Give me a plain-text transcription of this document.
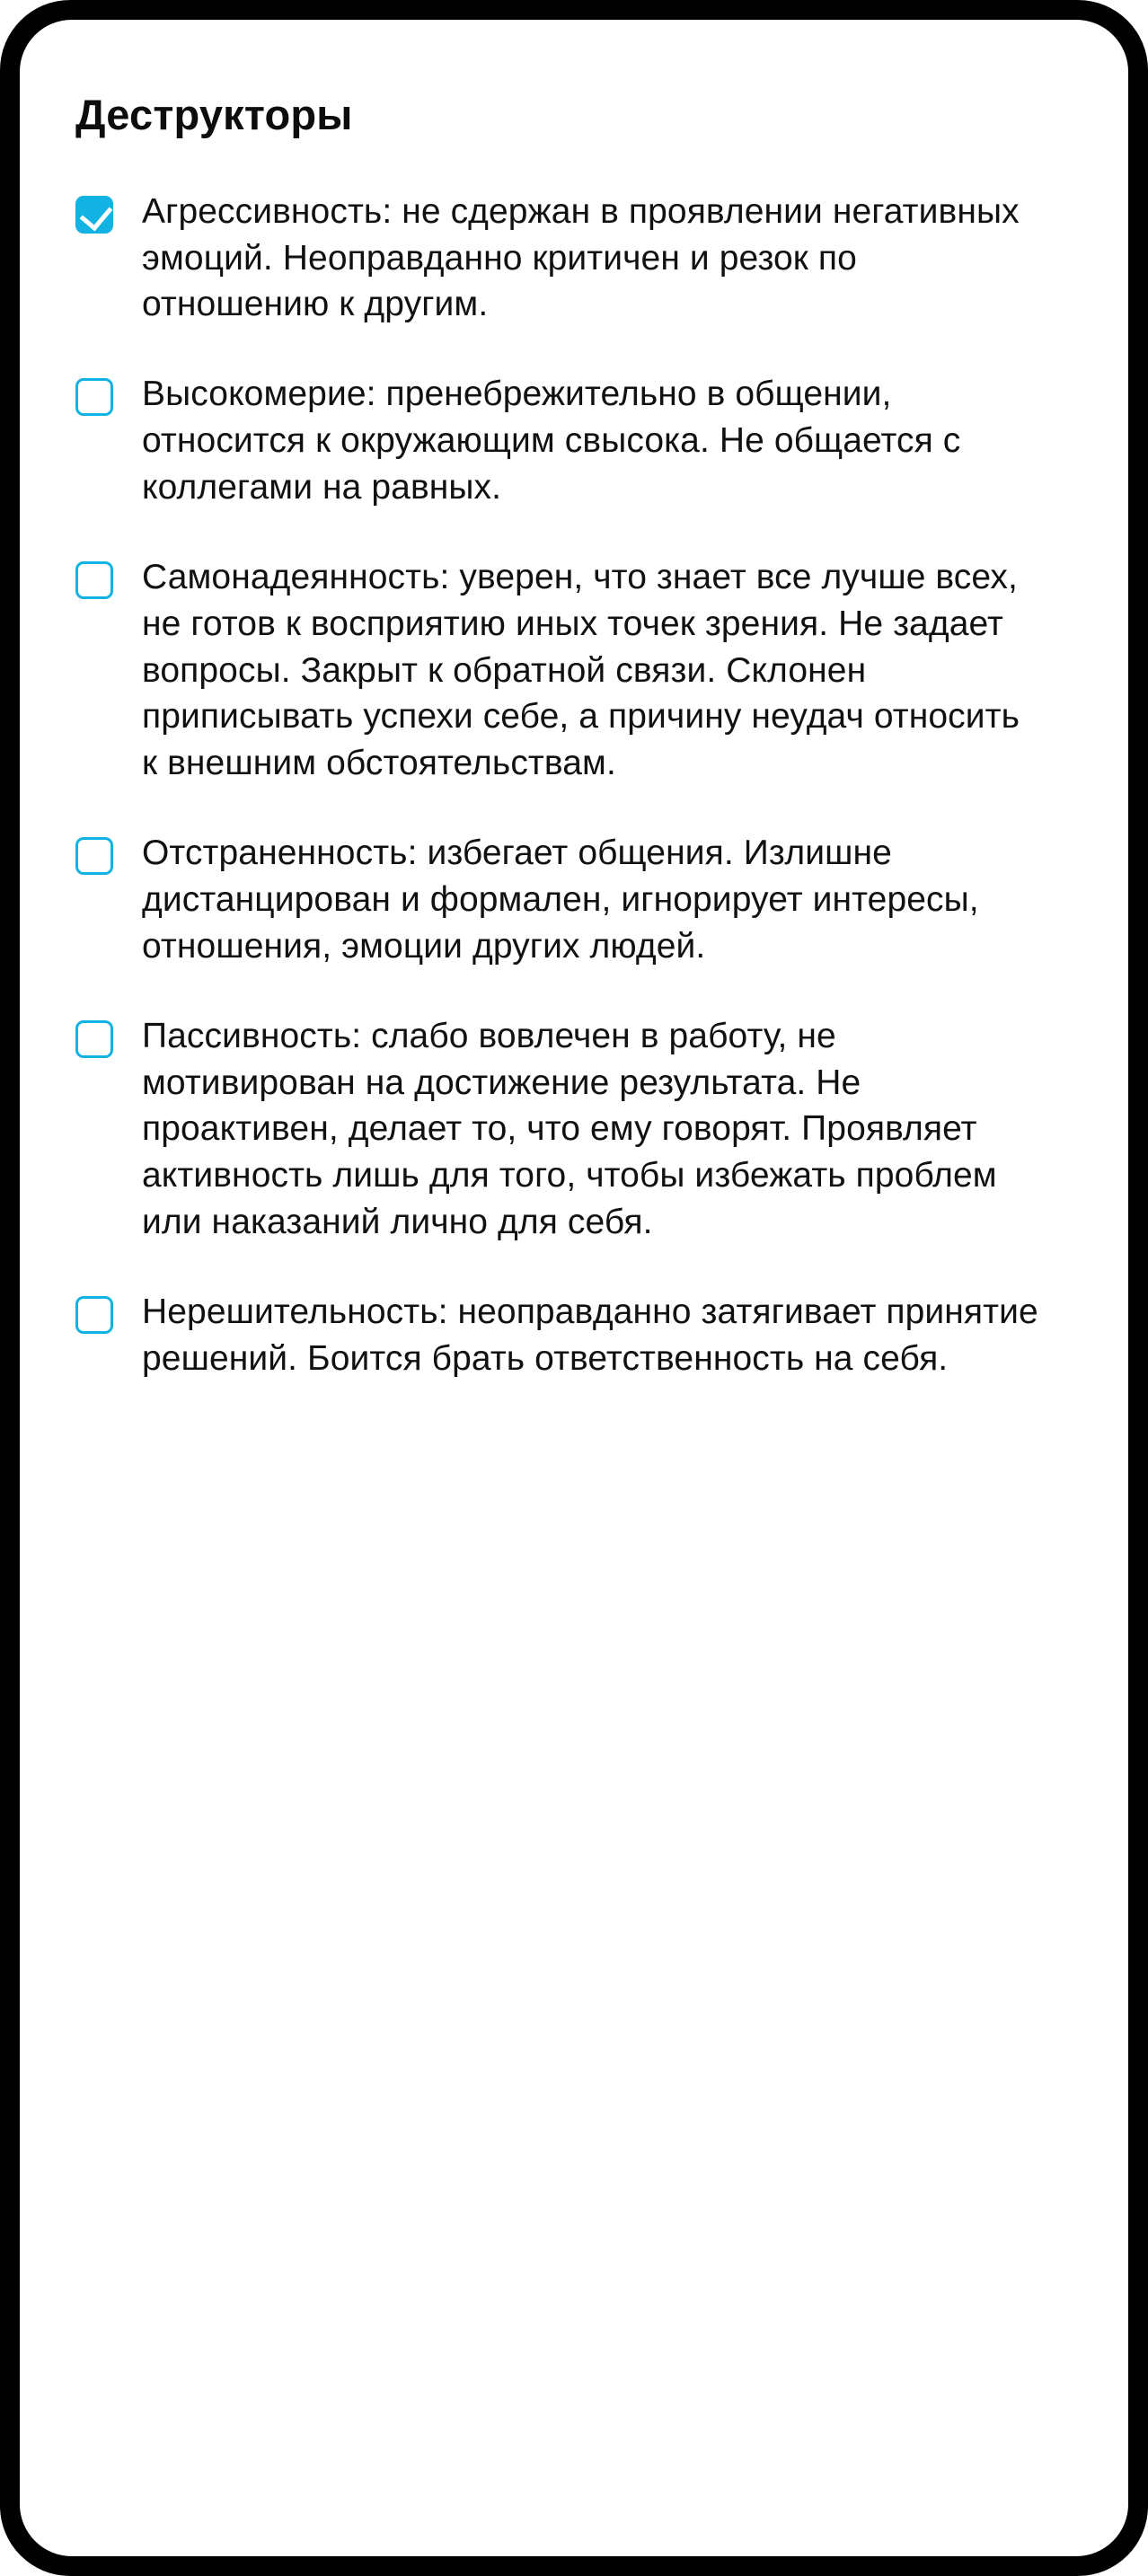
Деструкторы
Агрессивность: не сдержан в проявлении негативных эмоций. Неоправданно критичен и резок по отношению к другим.
Высокомерие: пренебрежительно в общении, относится к окружающим свысока. Не общается с коллегами на равных.
Самонадеянность: уверен, что знает все лучше всех, не готов к восприятию иных точек зрения. Не задает вопросы. Закрыт к обратной связи. Склонен приписывать успехи себе, а причину неудач относить к внешним обстоятельствам.
Отстраненность: избегает общения. Излишне дистанцирован и формален, игнорирует интересы, отношения, эмоции других людей.
Пассивность: слабо вовлечен в работу, не мотивирован на достижение результата. Не проактивен, делает то, что ему говорят. Проявляет активность лишь для того, чтобы избежать проблем или наказаний лично для себя.
Нерешительность: неоправданно затягивает принятие решений. Боится брать ответственность на себя.
